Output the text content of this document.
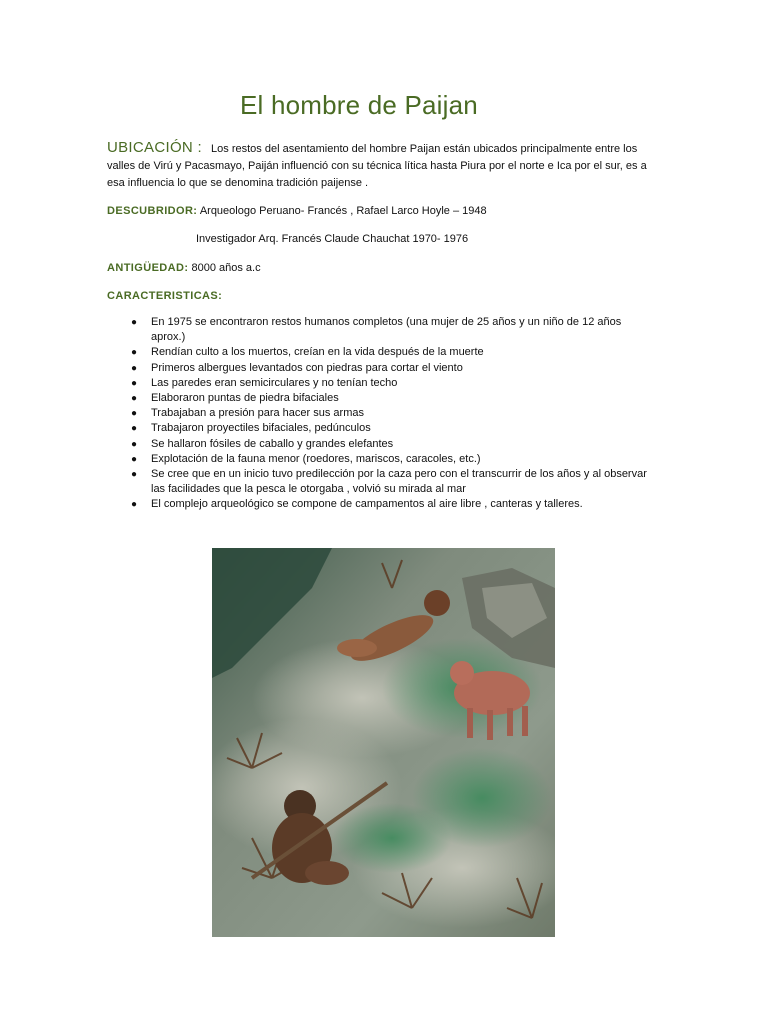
El hombre de Paijan
UBICACIÓN : Los restos del asentamiento del hombre Paijan están ubicados principalmente entre los valles de Virú y Pacasmayo, Paiján influenció con su técnica lítica hasta Piura por el norte e Ica por el sur, es a esa influencia lo que se denomina tradición paijense .
DESCUBRIDOR: Arqueologo Peruano- Francés , Rafael Larco Hoyle – 1948
Investigador Arq. Francés Claude Chauchat 1970- 1976
ANTIGÜEDAD: 8000 años a.c
CARACTERISTICAS:
● En 1975 se encontraron restos humanos completos (una mujer de 25 años y un niño de 12 años aprox.)
● Rendían culto a los muertos, creían en la vida después de la muerte
● Primeros albergues levantados con piedras para cortar el viento
● Las paredes eran semicirculares y no tenían techo
● Elaboraron puntas de piedra bifaciales
● Trabajaban a presión para hacer sus armas
● Trabajaron proyectiles bifaciales, pedúnculos
● Se hallaron fósiles de caballo y grandes elefantes
● Explotación de la fauna menor (roedores, mariscos, caracoles, etc.)
● Se cree que en un inicio tuvo predilección por la caza pero con el transcurrir de los años y al observar las facilidades que la pesca le otorgaba , volvió su mirada al mar
● El complejo arqueológico se compone de campamentos al aire libre , canteras y talleres.
